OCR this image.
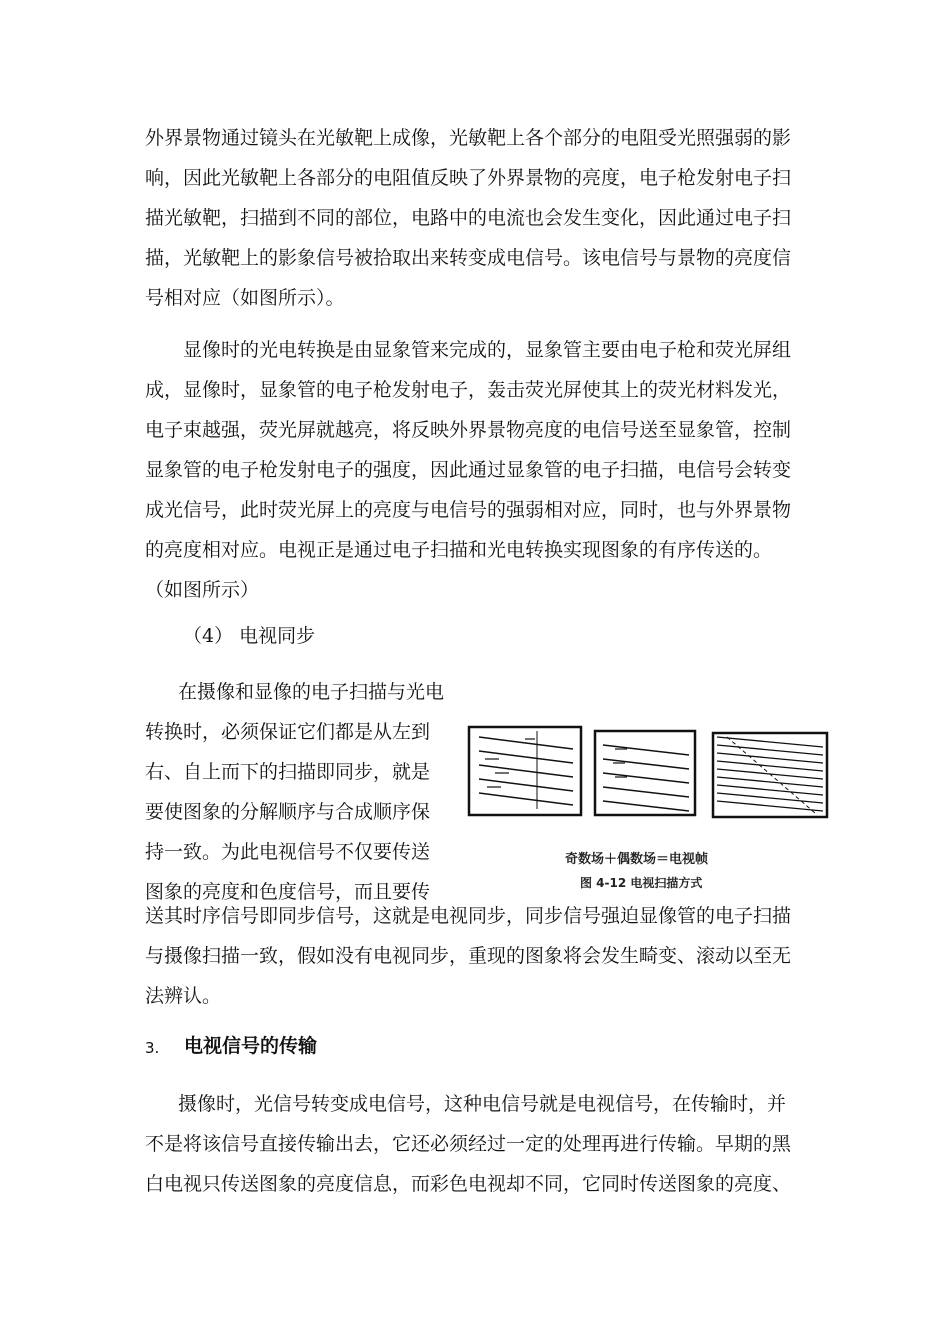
外界景物通过镜头在光敏靶上成像，光敏靶上各个部分的电阻受光照强弱的影
响，因此光敏靶上各部分的电阻值反映了外界景物的亮度，电子枪发射电子扫
描光敏靶，扫描到不同的部位，电路中的电流也会发生变化，因此通过电子扫
描，光敏靶上的影象信号被拾取出来转变成电信号。该电信号与景物的亮度信
号相对应（如图所示）。
显像时的光电转换是由显象管来完成的，显象管主要由电子枪和荧光屏组
成，显像时，显象管的电子枪发射电子，轰击荧光屏使其上的荧光材料发光，
电子束越强，荧光屏就越亮，将反映外界景物亮度的电信号送至显象管，控制
显象管的电子枪发射电子的强度，因此通过显象管的电子扫描，电信号会转变
成光信号，此时荧光屏上的亮度与电信号的强弱相对应，同时，也与外界景物
的亮度相对应。电视正是通过电子扫描和光电转换实现图象的有序传送的。
（如图所示）
（4） 电视同步
在摄像和显像的电子扫描与光电
转换时，必须保证它们都是从左到
右、自上而下的扫描即同步，就是
要使图象的分解顺序与合成顺序保
持一致。为此电视信号不仅要传送
图象的亮度和色度信号，而且要传
奇数场＋偶数场＝电视帧
图 4-12 电视扫描方式
送其时序信号即同步信号，这就是电视同步，同步信号强迫显像管的电子扫描
与摄像扫描一致，假如没有电视同步，重现的图象将会发生畸变、滚动以至无
法辨认。
3. 电视信号的传输
摄像时，光信号转变成电信号，这种电信号就是电视信号，在传输时，并
不是将该信号直接传输出去，它还必须经过一定的处理再进行传输。早期的黑
白电视只传送图象的亮度信息，而彩色电视却不同，它同时传送图象的亮度、
